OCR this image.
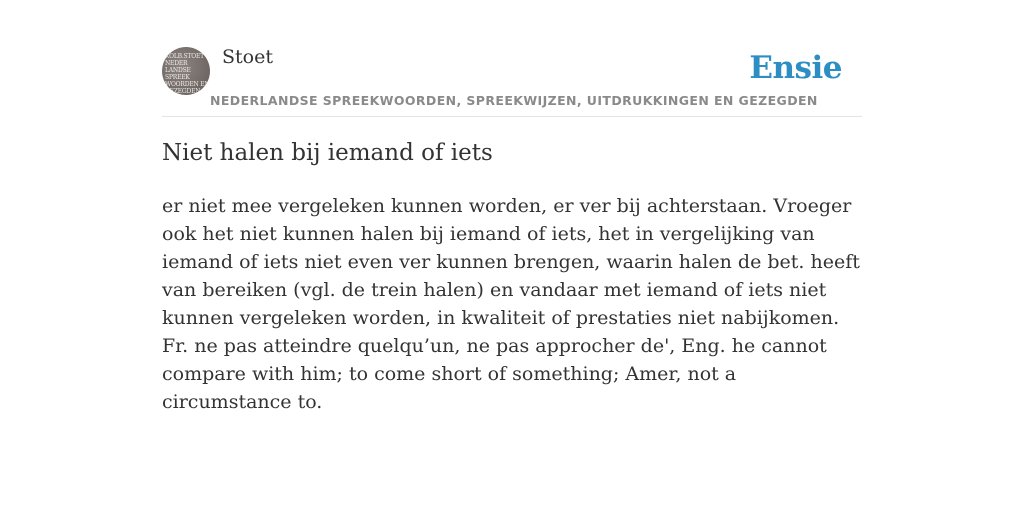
KOLB.STOET
NEDER
LANDSE
SPREEK
WOORDEN EN
GEZEGDEN
Stoet
NEDERLANDSE SPREEKWOORDEN, SPREEKWIJZEN, UITDRUKKINGEN EN GEZEGDEN
Ensie
Niet halen bij iemand of iets

er niet mee vergeleken kunnen worden, er ver bij achterstaan. Vroeger ook het niet kunnen halen bij iemand of iets, het in vergelijking van iemand of iets niet even ver kunnen brengen, waarin halen de bet. heeft van bereiken (vgl. de trein halen) en vandaar met iemand of iets niet kunnen vergeleken worden, in kwaliteit of prestaties niet nabijkomen. Fr. ne pas atteindre quelqu’un, ne pas approcher de', Eng. he cannot compare with him; to come short of something; Amer, not a circumstance to.
